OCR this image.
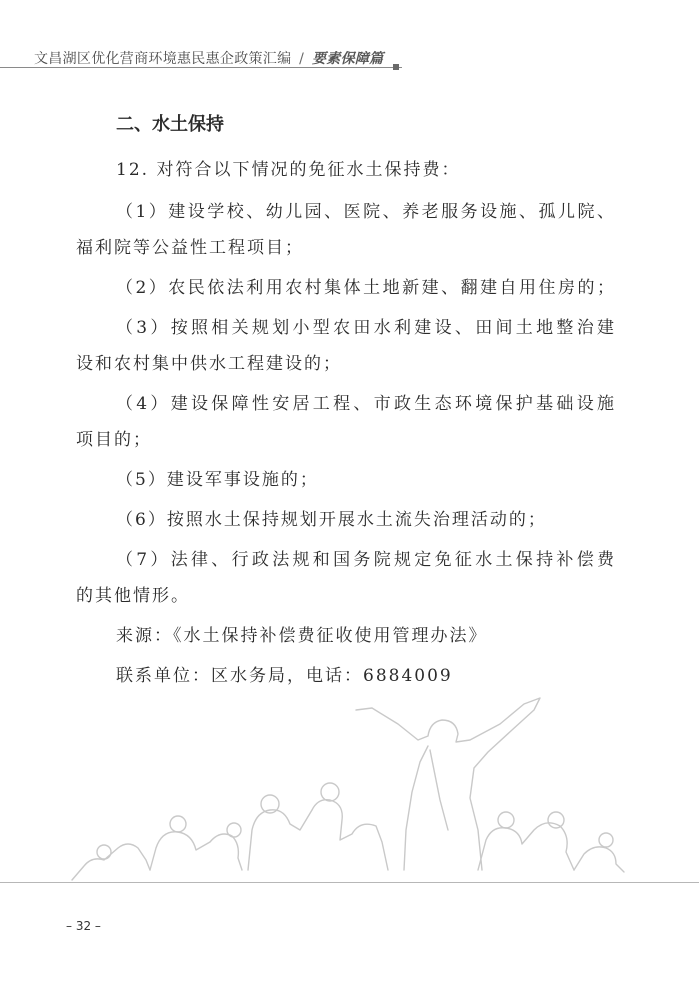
文昌湖区优化营商环境惠民惠企政策汇编 / 要素保障篇
二、水土保持
12. 对符合以下情况的免征水土保持费：
（1）建设学校、幼儿园、医院、养老服务设施、孤儿院、
福利院等公益性工程项目；
（2）农民依法利用农村集体土地新建、翻建自用住房的；
（3）按照相关规划小型农田水利建设、田间土地整治建
设和农村集中供水工程建设的；
（4）建设保障性安居工程、市政生态环境保护基础设施
项目的；
（5）建设军事设施的；
（6）按照水土保持规划开展水土流失治理活动的；
（7）法律、行政法规和国务院规定免征水土保持补偿费
的其他情形。
来源：《水土保持补偿费征收使用管理办法》
联系单位：区水务局，电话：6884009
– 32 –
